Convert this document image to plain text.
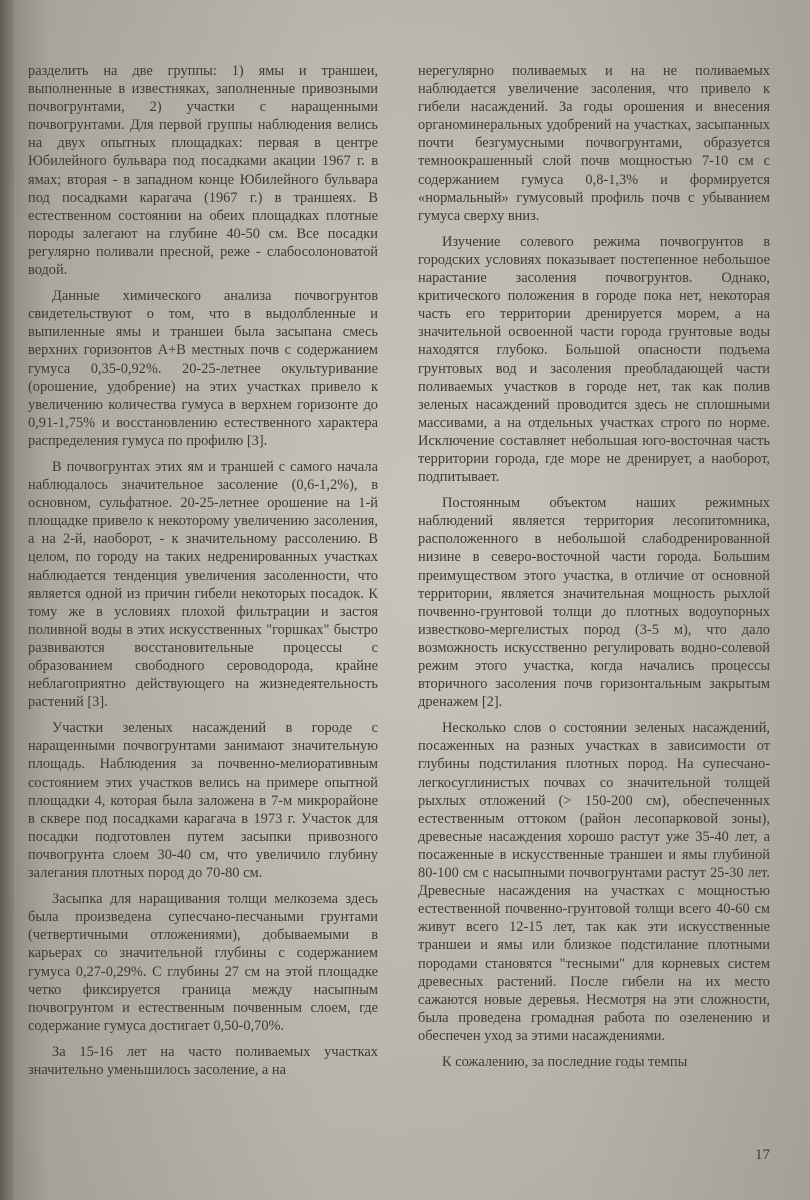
разделить на две группы: 1) ямы и траншеи, выполненные в известняках, заполненные привозными почвогрунтами, 2) участки с наращенными почвогрунтами. Для первой группы наблюдения велись на двух опытных площадках: первая в центре Юбилейного бульвара под посадками акации 1967 г. в ямах; вторая - в западном конце Юбилейного бульвара под посадками карагача (1967 г.) в траншеях. В естественном состоянии на обеих площадках плотные породы залегают на глубине 40-50 см. Все посадки регулярно поливали пресной, реже - слабосолоноватой водой.

Данные химического анализа почвогрунтов свидетельствуют о том, что в выдолбленные и выпиленные ямы и траншеи была засыпана смесь верхних горизонтов А+В местных почв с содержанием гумуса 0,35-0,92%. 20-25-летнее окультуривание (орошение, удобрение) на этих участках привело к увеличению количества гумуса в верхнем горизонте до 0,91-1,75% и восстановлению естественного характера распределения гумуса по профилю [3].

В почвогрунтах этих ям и траншей с самого начала наблюдалось значительное засоление (0,6-1,2%), в основном, сульфатное. 20-25-летнее орошение на 1-й площадке привело к некоторому увеличению засоления, а на 2-й, наоборот, - к значительному рассолению. В целом, по городу на таких недренированных участках наблюдается тенденция увеличения засоленности, что является одной из причин гибели некоторых посадок. К тому же в условиях плохой фильтрации и застоя поливной воды в этих искусственных "горшках" быстро развиваются восстановительные процессы с образованием свободного сероводорода, крайне неблагоприятно действующего на жизнедеятельность растений [3].

Участки зеленых насаждений в городе с наращенными почвогрунтами занимают значительную площадь. Наблюдения за почвенно-мелиоративным состоянием этих участков велись на примере опытной площадки 4, которая была заложена в 7-м микрорайоне в сквере под посадками карагача в 1973 г. Участок для посадки подготовлен путем засыпки привозного почвогрунта слоем 30-40 см, что увеличило глубину залегания плотных пород до 70-80 см.

Засыпка для наращивания толщи мелкозема здесь была произведена супесчано-песчаными грунтами (четвертичными отложениями), добываемыми в карьерах со значительной глубины с содержанием гумуса 0,27-0,29%. С глубины 27 см на этой площадке четко фиксируется граница между насыпным почвогрунтом и естественным почвенным слоем, где содержание гумуса достигает 0,50-0,70%.

За 15-16 лет на часто поливаемых участках значительно уменьшилось засоление, а на

нерегулярно поливаемых и на не поливаемых наблюдается увеличение засоления, что привело к гибели насаждений. За годы орошения и внесения органоминеральных удобрений на участках, засыпанных почти безгумусными почвогрунтами, образуется темноокрашенный слой почв мощностью 7-10 см с содержанием гумуса 0,8-1,3% и формируется «нормальный» гумусовый профиль почв с убыванием гумуса сверху вниз.

Изучение солевого режима почвогрунтов в городских условиях показывает постепенное небольшое нарастание засоления почвогрунтов. Однако, критического положения в городе пока нет, некоторая часть его территории дренируется морем, а на значительной освоенной части города грунтовые воды находятся глубоко. Большой опасности подъема грунтовых вод и засоления преобладающей части поливаемых участков в городе нет, так как полив зеленых насаждений проводится здесь не сплошными массивами, а на отдельных участках строго по норме. Исключение составляет небольшая юго-восточная часть территории города, где море не дренирует, а наоборот, подпитывает.

Постоянным объектом наших режимных наблюдений является территория лесопитомника, расположенного в небольшой слабодренированной низине в северо-восточной части города. Большим преимуществом этого участка, в отличие от основной территории, является значительная мощность рыхлой почвенно-грунтовой толщи до плотных водоупорных известково-мергелистых пород (3-5 м), что дало возможность искусственно регулировать водно-солевой режим этого участка, когда начались процессы вторичного засоления почв горизонтальным закрытым дренажем [2].

Несколько слов о состоянии зеленых насаждений, посаженных на разных участках в зависимости от глубины подстилания плотных пород. На супесчано-легкосуглинистых почвах со значительной толщей рыхлых отложений (> 150-200 см), обеспеченных естественным оттоком (район лесопарковой зоны), древесные насаждения хорошо растут уже 35-40 лет, а посаженные в искусственные траншеи и ямы глубиной 80-100 см с насыпными почвогрунтами растут 25-30 лет. Древесные насаждения на участках с мощностью естественной почвенно-грунтовой толщи всего 40-60 см живут всего 12-15 лет, так как эти искусственные траншеи и ямы или близкое подстилание плотными породами становятся "тесными" для корневых систем древесных растений. После гибели на их место сажаются новые деревья. Несмотря на эти сложности, была проведена громадная работа по озеленению и обеспечен уход за этими насаждениями.

К сожалению, за последние годы темпы

17
